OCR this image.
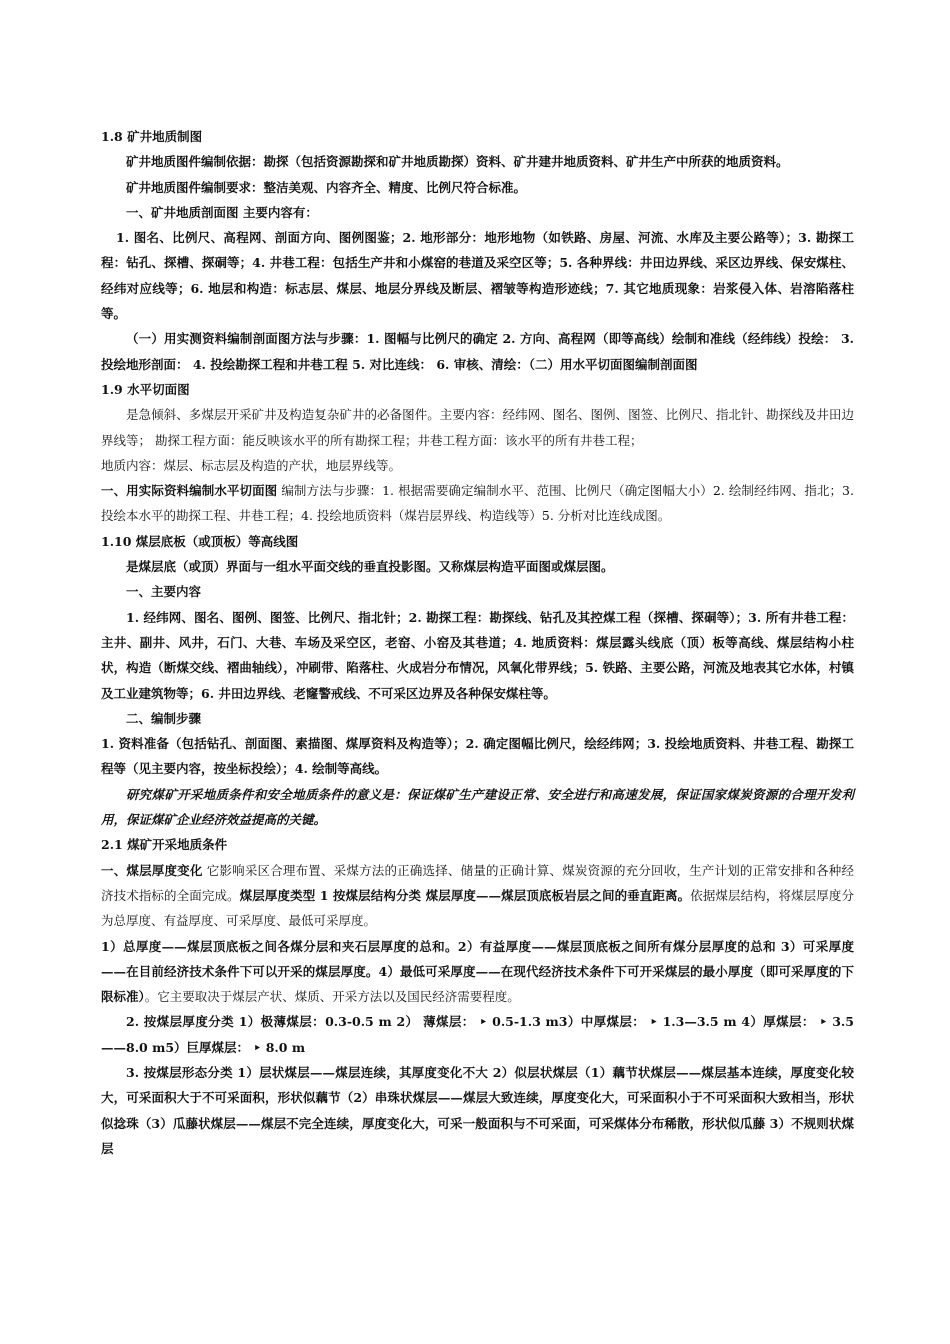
1.8 矿井地质制图

矿井地质图件编制依据：勘探（包括资源勘探和矿井地质勘探）资料、矿井建井地质资料、矿井生产中所获的地质资料。

矿井地质图件编制要求：整洁美观、内容齐全、精度、比例尺符合标准。

一、矿井地质剖面图 主要内容有：

1. 图名、比例尺、高程网、剖面方向、图例图鉴；2. 地形部分：地形地物（如铁路、房屋、河流、水库及主要公路等）；3. 勘探工程：钻孔、探槽、探硐等；4. 井巷工程：包括生产井和小煤窑的巷道及采空区等；5. 各种界线：井田边界线、采区边界线、保安煤柱、经纬对应线等；6. 地层和构造：标志层、煤层、地层分界线及断层、褶皱等构造形迹线；7. 其它地质现象：岩浆侵入体、岩溶陷落柱等。

（一）用实测资料编制剖面图方法与步骤：1. 图幅与比例尺的确定 2. 方向、高程网（即等高线）绘制和准线（经纬线）投绘： 3. 投绘地形剖面： 4. 投绘勘探工程和井巷工程 5. 对比连线： 6. 审核、清绘：（二）用水平切面图编制剖面图

1.9 水平切面图

是急倾斜、多煤层开采矿井及构造复杂矿井的必备图件。主要内容：经纬网、图名、图例、图签、比例尺、指北针、勘探线及井田边界线等； 勘探工程方面：能反映该水平的所有勘探工程；井巷工程方面：该水平的所有井巷工程；

地质内容：煤层、标志层及构造的产状，地层界线等。

一、用实际资料编制水平切面图 编制方法与步骤：1. 根据需要确定编制水平、范围、比例尺（确定图幅大小）2. 绘制经纬网、指北；3. 投绘本水平的勘探工程、井巷工程；4. 投绘地质资料（煤岩层界线、构造线等）5. 分析对比连线成图。

1.10 煤层底板（或顶板）等高线图

是煤层底（或顶）界面与一组水平面交线的垂直投影图。又称煤层构造平面图或煤层图。

一、主要内容

1. 经纬网、图名、图例、图签、比例尺、指北针；2. 勘探工程：勘探线、钻孔及其控煤工程（探槽、探硐等）；3. 所有井巷工程：主井、副井、风井，石门、大巷、车场及采空区，老窑、小窑及其巷道；4. 地质资料：煤层露头线底（顶）板等高线、煤层结构小柱状，构造（断煤交线、褶曲轴线），冲刷带、陷落柱、火成岩分布情况，风氧化带界线；5. 铁路、主要公路，河流及地表其它水体，村镇及工业建筑物等；6. 井田边界线、老窿警戒线、不可采区边界及各种保安煤柱等。

二、编制步骤

1. 资料准备（包括钻孔、剖面图、素描图、煤厚资料及构造等）；2. 确定图幅比例尺，绘经纬网；3. 投绘地质资料、井巷工程、勘探工程等（见主要内容，按坐标投绘）；4. 绘制等高线。

研究煤矿开采地质条件和安全地质条件的意义是：保证煤矿生产建设正常、安全进行和高速发展，保证国家煤炭资源的合理开发利用，保证煤矿企业经济效益提高的关键。

2.1 煤矿开采地质条件

一、煤层厚度变化 它影响采区合理布置、采煤方法的正确选择、储量的正确计算、煤炭资源的充分回收，生产计划的正常安排和各种经济技术指标的全面完成。煤层厚度类型 1 按煤层结构分类 煤层厚度——煤层顶底板岩层之间的垂直距离。依据煤层结构，将煤层厚度分为总厚度、有益厚度、可采厚度、最低可采厚度。

1）总厚度——煤层顶底板之间各煤分层和夹石层厚度的总和。2）有益厚度——煤层顶底板之间所有煤分层厚度的总和 3）可采厚度——在目前经济技术条件下可以开采的煤层厚度。4）最低可采厚度——在现代经济技术条件下可开采煤层的最小厚度（即可采厚度的下限标准）。它主要取决于煤层产状、煤质、开采方法以及国民经济需要程度。

2. 按煤层厚度分类 1）极薄煤层：0.3-0.5 m 2） 薄煤层： ‣ 0.5-1.3 m3）中厚煤层： ‣ 1.3—3.5 m 4）厚煤层： ‣ 3.5——8.0 m5）巨厚煤层： ‣ 8.0 m

3. 按煤层形态分类 1）层状煤层——煤层连续，其厚度变化不大 2）似层状煤层（1）藕节状煤层——煤层基本连续，厚度变化较大，可采面积大于不可采面积，形状似藕节（2）串珠状煤层——煤层大致连续，厚度变化大，可采面积小于不可采面积大致相当，形状似捻珠（3）瓜藤状煤层——煤层不完全连续，厚度变化大，可采一般面积与不可采面，可采煤体分布稀散，形状似瓜藤 3）不规则状煤层
